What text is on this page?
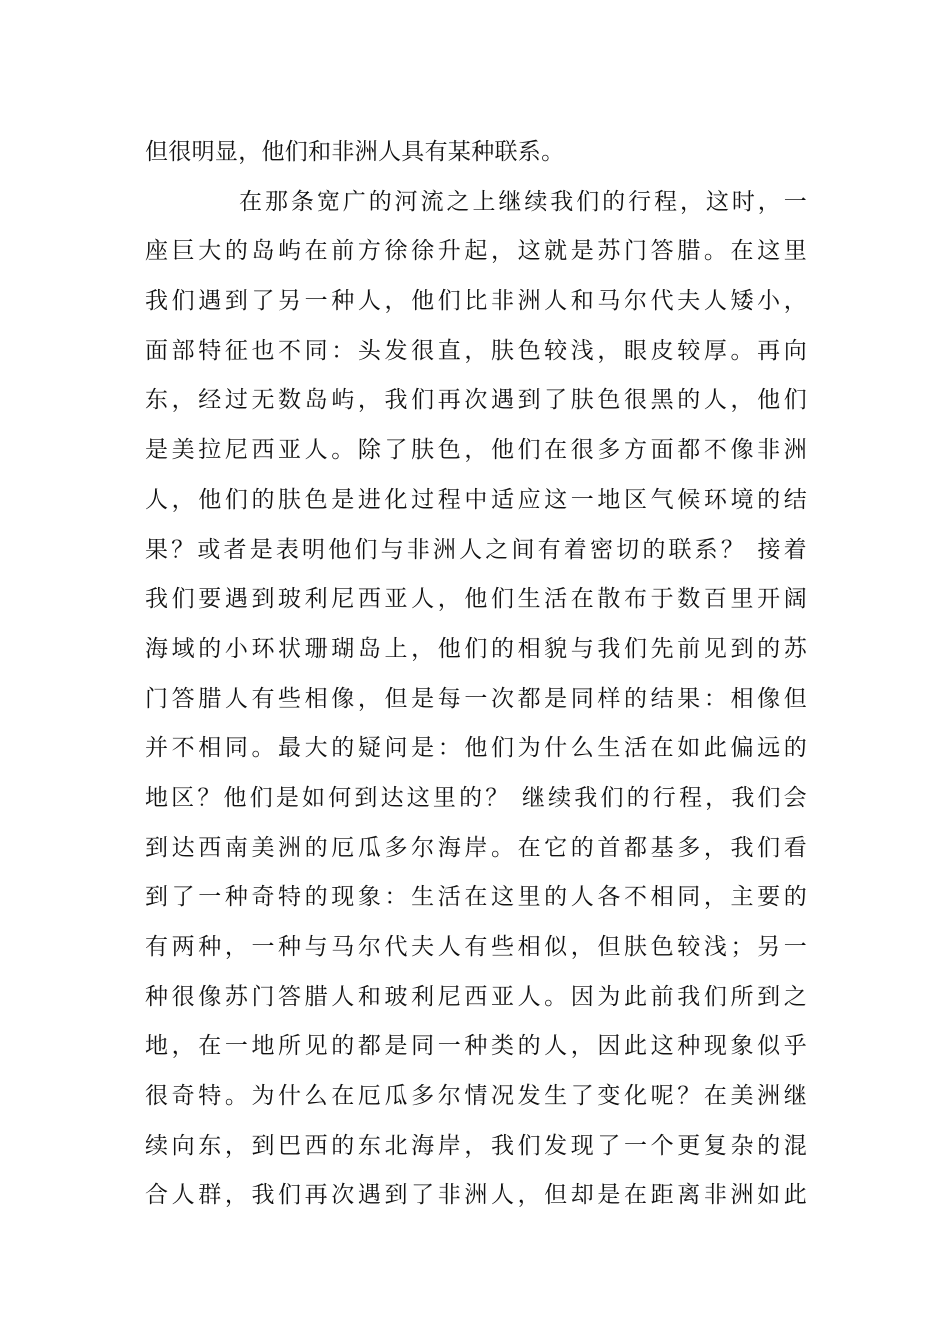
但很明显，他们和非洲人具有某种联系。
在那条宽广的河流之上继续我们的行程，这时，一
座巨大的岛屿在前方徐徐升起，这就是苏门答腊。在这里
我们遇到了另一种人，他们比非洲人和马尔代夫人矮小，
面部特征也不同：头发很直，肤色较浅，眼皮较厚。再向
东，经过无数岛屿，我们再次遇到了肤色很黑的人，他们
是美拉尼西亚人。除了肤色，他们在很多方面都不像非洲
人，他们的肤色是进化过程中适应这一地区气候环境的结
果？或者是表明他们与非洲人之间有着密切的联系？ 接着
我们要遇到玻利尼西亚人，他们生活在散布于数百里开阔
海域的小环状珊瑚岛上，他们的相貌与我们先前见到的苏
门答腊人有些相像，但是每一次都是同样的结果：相像但
并不相同。最大的疑问是：他们为什么生活在如此偏远的
地区？他们是如何到达这里的？ 继续我们的行程，我们会
到达西南美洲的厄瓜多尔海岸。在它的首都基多，我们看
到了一种奇特的现象：生活在这里的人各不相同，主要的
有两种，一种与马尔代夫人有些相似，但肤色较浅；另一
种很像苏门答腊人和玻利尼西亚人。因为此前我们所到之
地，在一地所见的都是同一种类的人，因此这种现象似乎
很奇特。为什么在厄瓜多尔情况发生了变化呢？在美洲继
续向东，到巴西的东北海岸，我们发现了一个更复杂的混
合人群，我们再次遇到了非洲人，但却是在距离非洲如此
